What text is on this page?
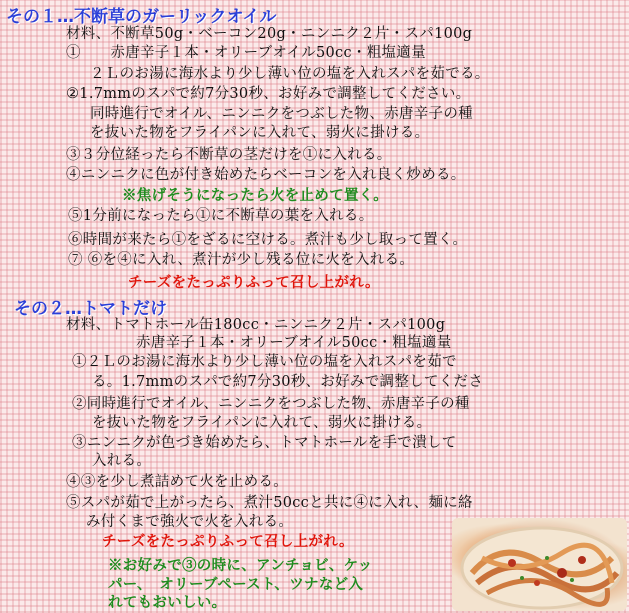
その１…不断草のガーリックオイル
材料、不断草50g・ベーコン20g・ニンニク２片・スパ100g
①　　赤唐辛子１本・オリーブオイル50cc・粗塩適量
２Ｌのお湯に海水より少し薄い位の塩を入れスパを茹でる。
②1.7mmのスパで約7分30秒、お好みで調整してください。
同時進行でオイル、ニンニクをつぶした物、赤唐辛子の種
を抜いた物をフライパンに入れて、弱火に掛ける。
③３分位経ったら不断草の茎だけを①に入れる。
④ニンニクに色が付き始めたらベーコンを入れ良く炒める。
※焦げそうになったら火を止めて置く。
⑤1分前になったら①に不断草の葉を入れる。
⑥時間が来たら①をざるに空ける。煮汁も少し取って置く。
⑦ ⑥を④に入れ、煮汁が少し残る位に火を入れる。
チーズをたっぷりふって召し上がれ。
その２…トマトだけ
材料、トマトホール缶180cc・ニンニク２片・スパ100g
赤唐辛子１本・オリーブオイル50cc・粗塩適量
①２Ｌのお湯に海水より少し薄い位の塩を入れスパを茹で
る。1.7mmのスパで約7分30秒、お好みで調整してくださ
②同時進行でオイル、ニンニクをつぶした物、赤唐辛子の種
を抜いた物をフライパンに入れて、弱火に掛ける。
③ニンニクが色づき始めたら、トマトホールを手で潰して
入れる。
④③を少し煮詰めて火を止める。
⑤スパが茹で上がったら、煮汁50ccと共に④に入れ、麺に絡
み付くまで強火で火を入れる。
チーズをたっぷりふって召し上がれ。
※お好みで③の時に、アンチョビ、ケッ
パー、　オリーブペースト、ツナなど入
れてもおいしい。
